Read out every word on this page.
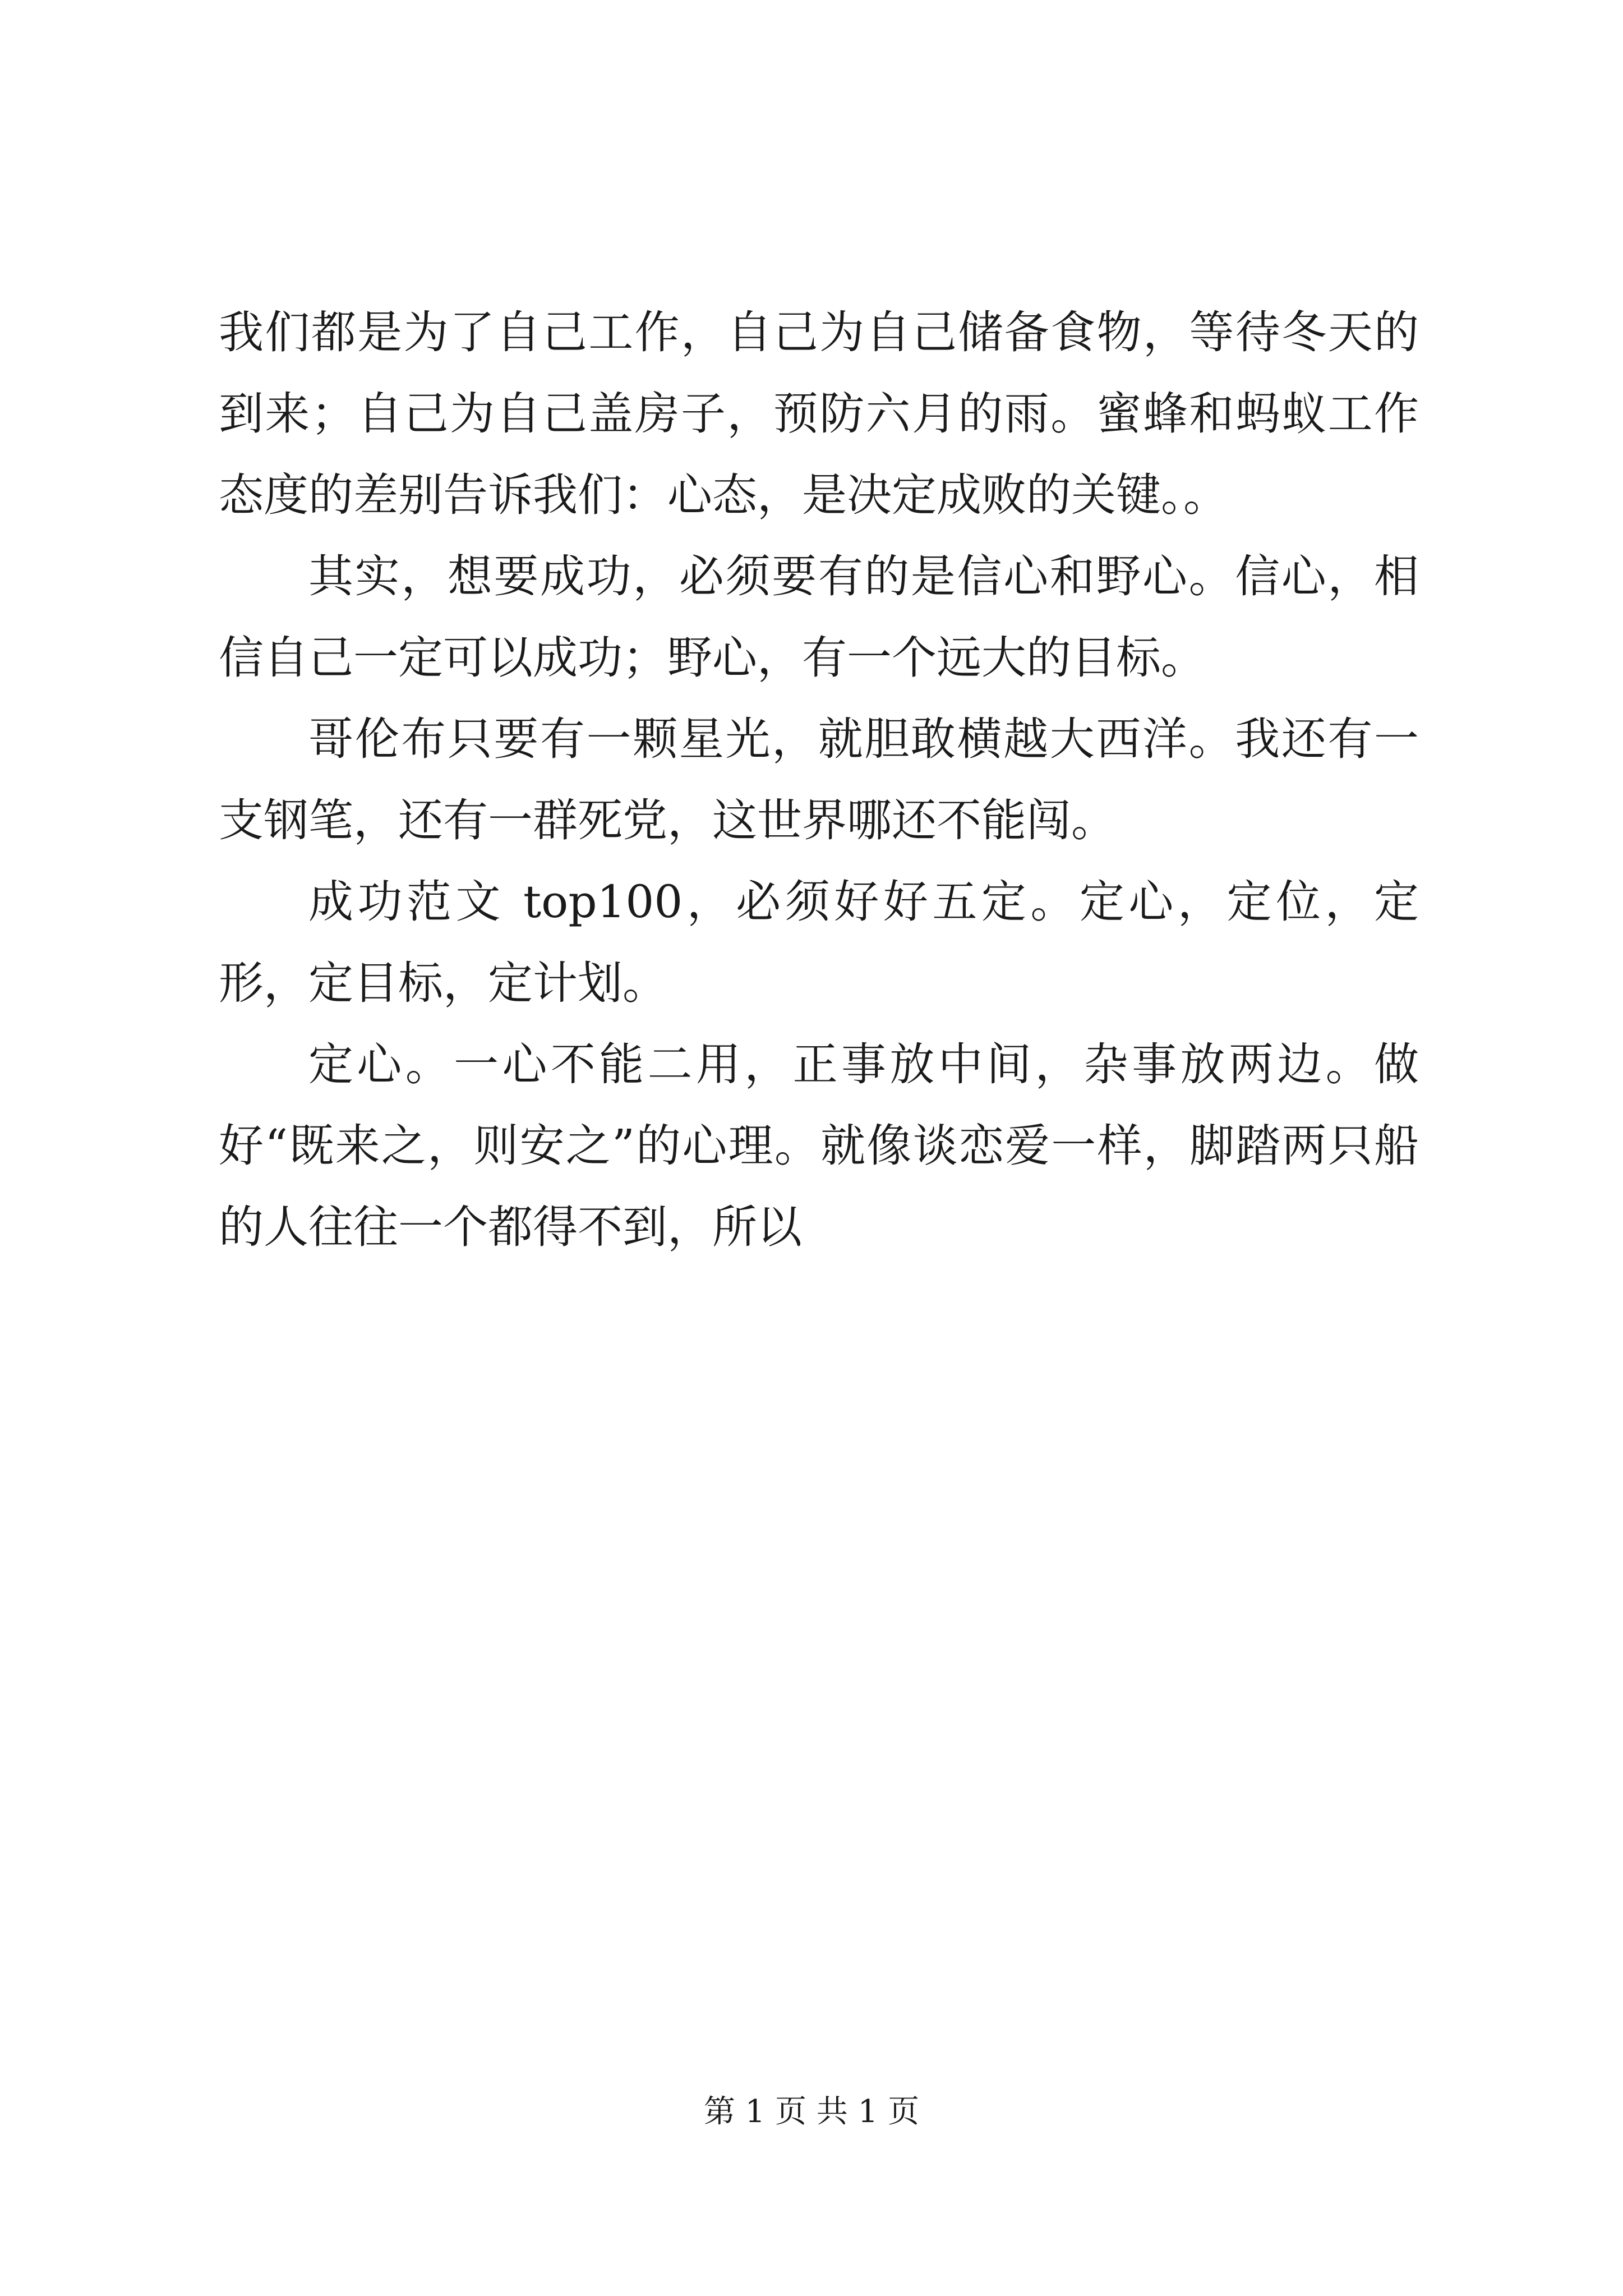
我们都是为了自己工作，自己为自己储备食物，等待冬天的到来；自己为自己盖房子，预防六月的雨。蜜蜂和蚂蚁工作态度的差别告诉我们：心态，是决定成败的关键。。

其实，想要成功，必须要有的是信心和野心。信心，相信自己一定可以成功；野心，有一个远大的目标。

哥伦布只要有一颗星光，就胆敢横越大西洋。我还有一支钢笔，还有一群死党，这世界哪还不能闯。

成功范文 top100，必须好好五定。定心，定位，定形，定目标，定计划。

定心。一心不能二用，正事放中间，杂事放两边。做好“既来之，则安之”的心理。就像谈恋爱一样，脚踏两只船的人往往一个都得不到，所以

第 1 页 共 1 页
